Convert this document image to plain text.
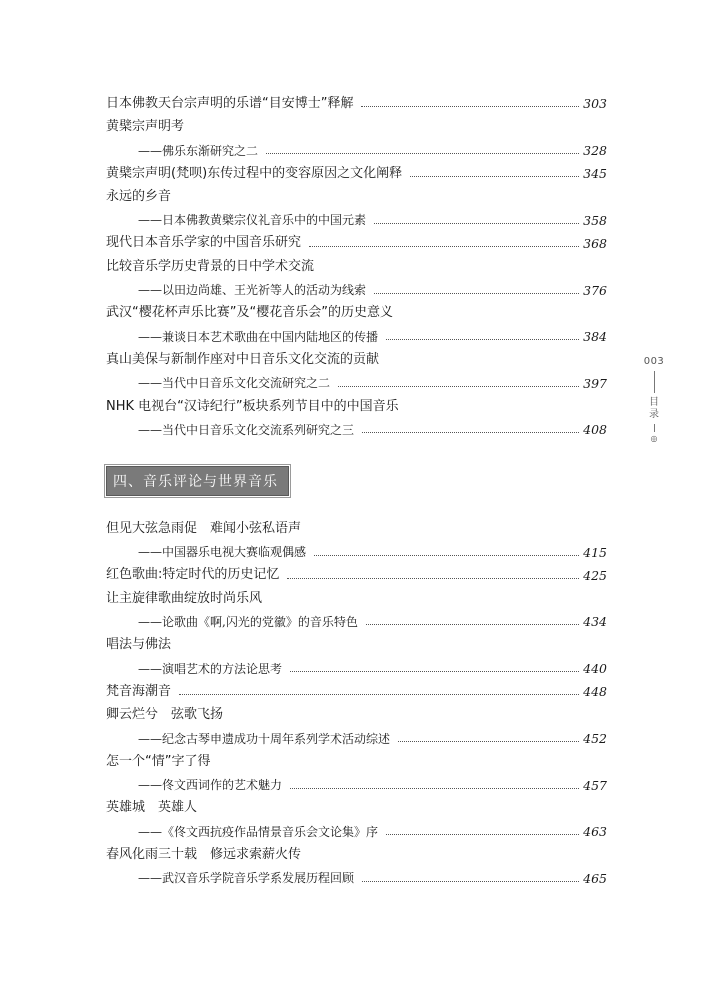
日本佛教天台宗声明的乐谱“目安博士”释解	303
黄檗宗声明考
——佛乐东渐研究之二	328
黄檗宗声明(梵呗)东传过程中的变容原因之文化阐释	345
永远的乡音
——日本佛教黄檗宗仪礼音乐中的中国元素	358
现代日本音乐学家的中国音乐研究	368
比较音乐学历史背景的日中学术交流
——以田边尚雄、王光祈等人的活动为线索	376
武汉“樱花杯声乐比赛”及“樱花音乐会”的历史意义
——兼谈日本艺术歌曲在中国内陆地区的传播	384
真山美保与新制作座对中日音乐文化交流的贡献
——当代中日音乐文化交流研究之二	397
NHK 电视台“汉诗纪行”板块系列节目中的中国音乐
——当代中日音乐文化交流系列研究之三	408
四、音乐评论与世界音乐
但见大弦急雨促　难闻小弦私语声
——中国器乐电视大赛临观偶感	415
红色歌曲:特定时代的历史记忆	425
让主旋律歌曲绽放时尚乐风
——论歌曲《啊,闪光的党徽》的音乐特色	434
唱法与佛法
——演唱艺术的方法论思考	440
梵音海潮音	448
卿云烂兮　弦歌飞扬
——纪念古琴申遗成功十周年系列学术活动综述	452
怎一个“情”字了得
——佟文西词作的艺术魅力	457
英雄城　英雄人
——《佟文西抗疫作品情景音乐会文论集》序	463
春风化雨三十载　修远求索薪火传
——武汉音乐学院音乐学系发展历程回顾	465
003
目
录
◎
